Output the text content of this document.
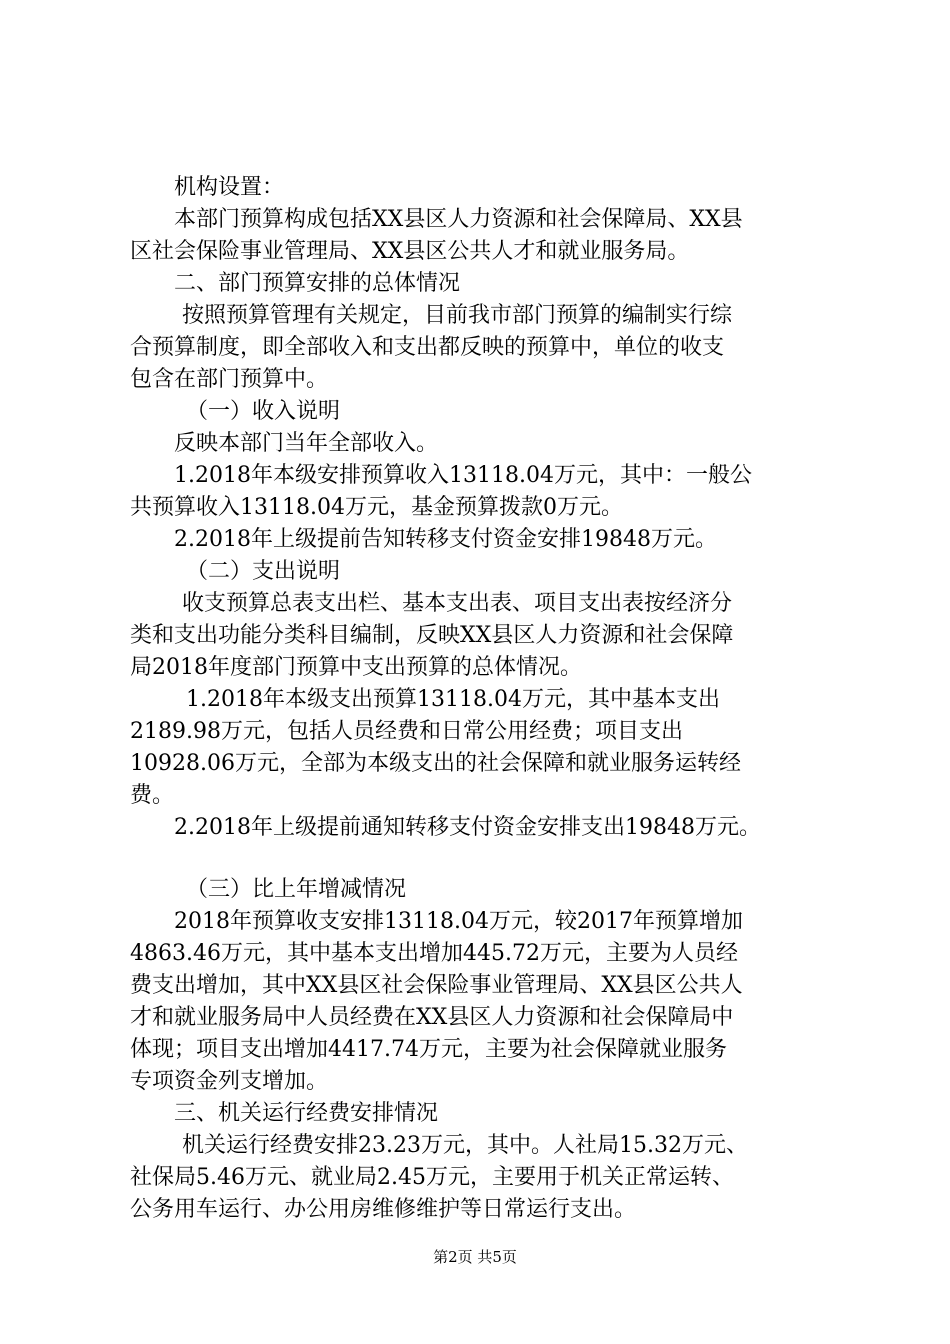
机构设置：
本部门预算构成包括XX县区人力资源和社会保障局、XX县
区社会保险事业管理局、XX县区公共人才和就业服务局。
二、部门预算安排的总体情况
按照预算管理有关规定，目前我市部门预算的编制实行综
合预算制度，即全部收入和支出都反映的预算中，单位的收支
包含在部门预算中。
（一）收入说明
反映本部门当年全部收入。
1.2018年本级安排预算收入13118.04万元，其中：一般公
共预算收入13118.04万元，基金预算拨款0万元。
2.2018年上级提前告知转移支付资金安排19848万元。
（二）支出说明
收支预算总表支出栏、基本支出表、项目支出表按经济分
类和支出功能分类科目编制，反映XX县区人力资源和社会保障
局2018年度部门预算中支出预算的总体情况。
1.2018年本级支出预算13118.04万元，其中基本支出
2189.98万元，包括人员经费和日常公用经费；项目支出
10928.06万元，全部为本级支出的社会保障和就业服务运转经
费。
2.2018年上级提前通知转移支付资金安排支出19848万元。
（三）比上年增减情况
2018年预算收支安排13118.04万元，较2017年预算增加
4863.46万元，其中基本支出增加445.72万元，主要为人员经
费支出增加，其中XX县区社会保险事业管理局、XX县区公共人
才和就业服务局中人员经费在XX县区人力资源和社会保障局中
体现；项目支出增加4417.74万元，主要为社会保障就业服务
专项资金列支增加。
三、机关运行经费安排情况
机关运行经费安排23.23万元，其中。人社局15.32万元、
社保局5.46万元、就业局2.45万元，主要用于机关正常运转、
公务用车运行、办公用房维修维护等日常运行支出。
第2页 共5页
